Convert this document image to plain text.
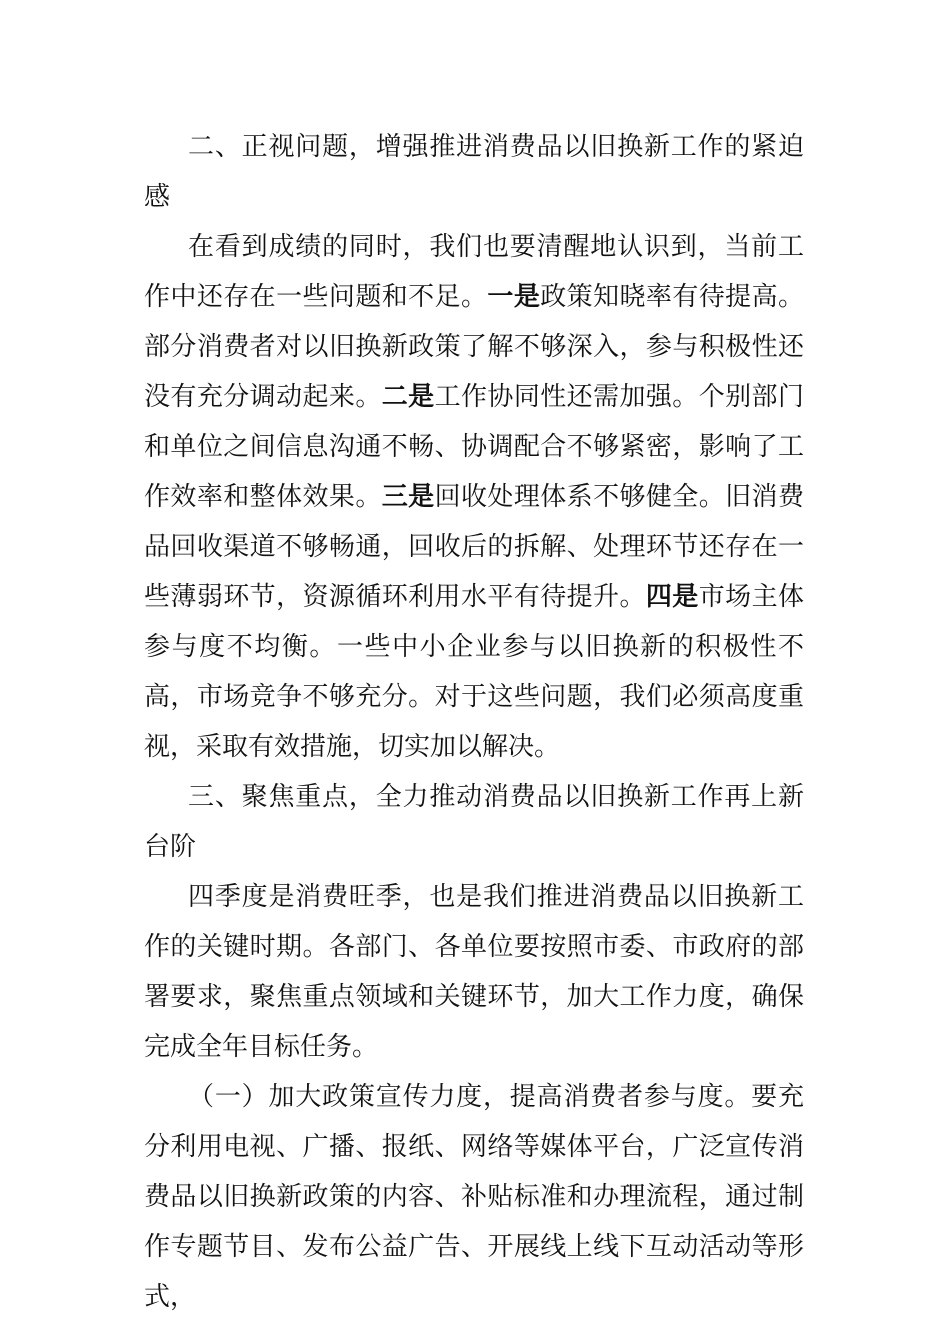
二、正视问题，增强推进消费品以旧换新工作的紧迫感

在看到成绩的同时，我们也要清醒地认识到，当前工作中还存在一些问题和不足。一是政策知晓率有待提高。部分消费者对以旧换新政策了解不够深入，参与积极性还没有充分调动起来。二是工作协同性还需加强。个别部门和单位之间信息沟通不畅、协调配合不够紧密，影响了工作效率和整体效果。三是回收处理体系不够健全。旧消费品回收渠道不够畅通，回收后的拆解、处理环节还存在一些薄弱环节，资源循环利用水平有待提升。四是市场主体参与度不均衡。一些中小企业参与以旧换新的积极性不高，市场竞争不够充分。对于这些问题，我们必须高度重视，采取有效措施，切实加以解决。

三、聚焦重点，全力推动消费品以旧换新工作再上新台阶

四季度是消费旺季，也是我们推进消费品以旧换新工作的关键时期。各部门、各单位要按照市委、市政府的部署要求，聚焦重点领域和关键环节，加大工作力度，确保完成全年目标任务。

（一）加大政策宣传力度，提高消费者参与度。要充分利用电视、广播、报纸、网络等媒体平台，广泛宣传消费品以旧换新政策的内容、补贴标准和办理流程，通过制作专题节目、发布公益广告、开展线上线下互动活动等形式，
